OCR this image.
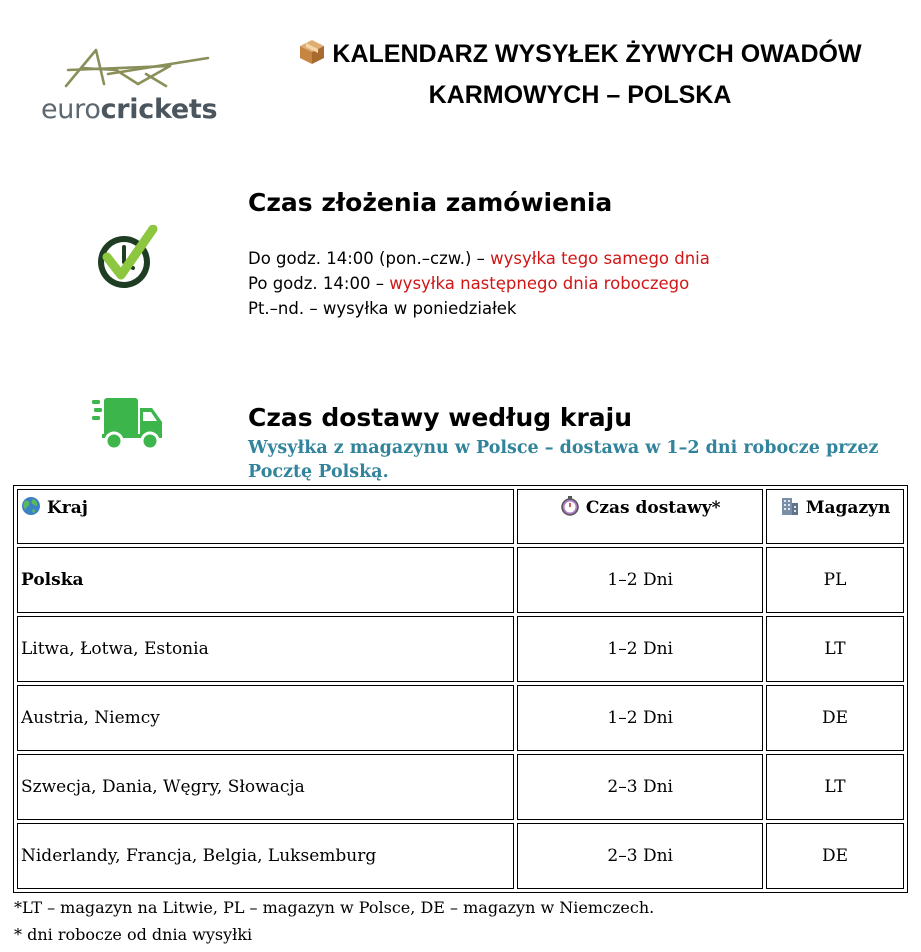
eurocrickets
KALENDARZ WYSYŁEK ŻYWYCH OWADÓW
KARMOWYCH – POLSKA
Czas złożenia zamówienia
Do godz. 14:00 (pon.–czw.) – wysyłka tego samego dnia
Po godz. 14:00 – wysyłka następnego dnia roboczego
Pt.–nd. – wysyłka w poniedziałek
Czas dostawy według kraju
Wysyłka z magazynu w Polsce – dostawa w 1–2 dni robocze przez Pocztę Polską.
Kraj	Czas dostawy*	Magazyn
Polska	1–2 Dni	PL
Litwa, Łotwa, Estonia	1–2 Dni	LT
Austria, Niemcy	1–2 Dni	DE
Szwecja, Dania, Węgry, Słowacja	2–3 Dni	LT
Niderlandy, Francja, Belgia, Luksemburg	2–3 Dni	DE
*LT – magazyn na Litwie, PL – magazyn w Polsce, DE – magazyn w Niemczech.
* dni robocze od dnia wysyłki
